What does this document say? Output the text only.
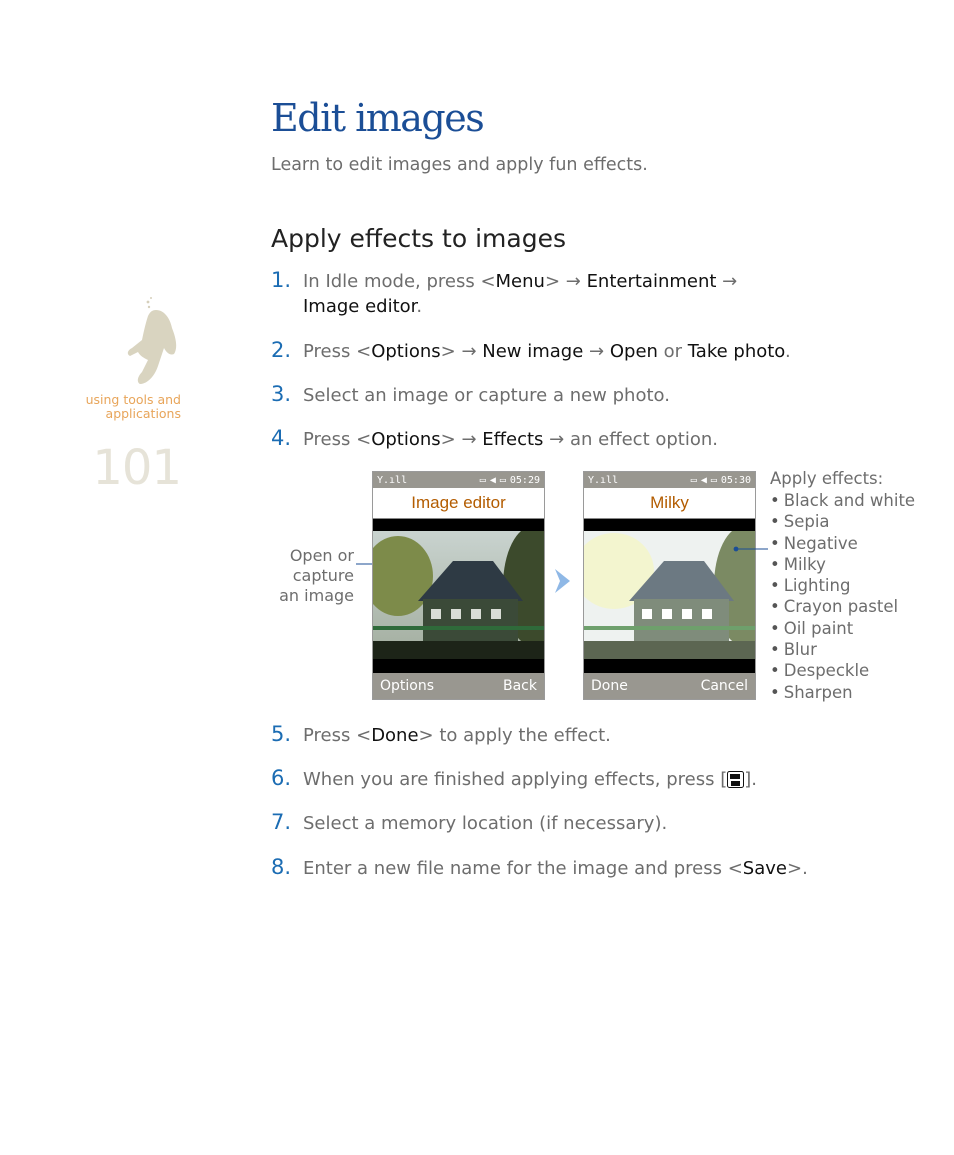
using tools and
applications
101
Edit images
Learn to edit images and apply fun effects.
Apply effects to images
1. In Idle mode, press <Menu> → Entertainment →
Image editor.
2. Press <Options> → New image → Open or Take photo.
3. Select an image or capture a new photo.
4. Press <Options> → Effects → an effect option.
Open or
capture
an image
Y.ıll	▭ ◀ ▭ 05:29
Image editor
Options	Back
Y.ıll	▭ ◀ ▭ 05:30
Milky
Done	Cancel
Apply effects:
• Black and white
• Sepia
• Negative
• Milky
• Lighting
• Crayon pastel
• Oil paint
• Blur
• Despeckle
• Sharpen
5. Press <Done> to apply the effect.
6. When you are finished applying effects, press [ ].
7. Select a memory location (if necessary).
8. Enter a new file name for the image and press <Save>.
